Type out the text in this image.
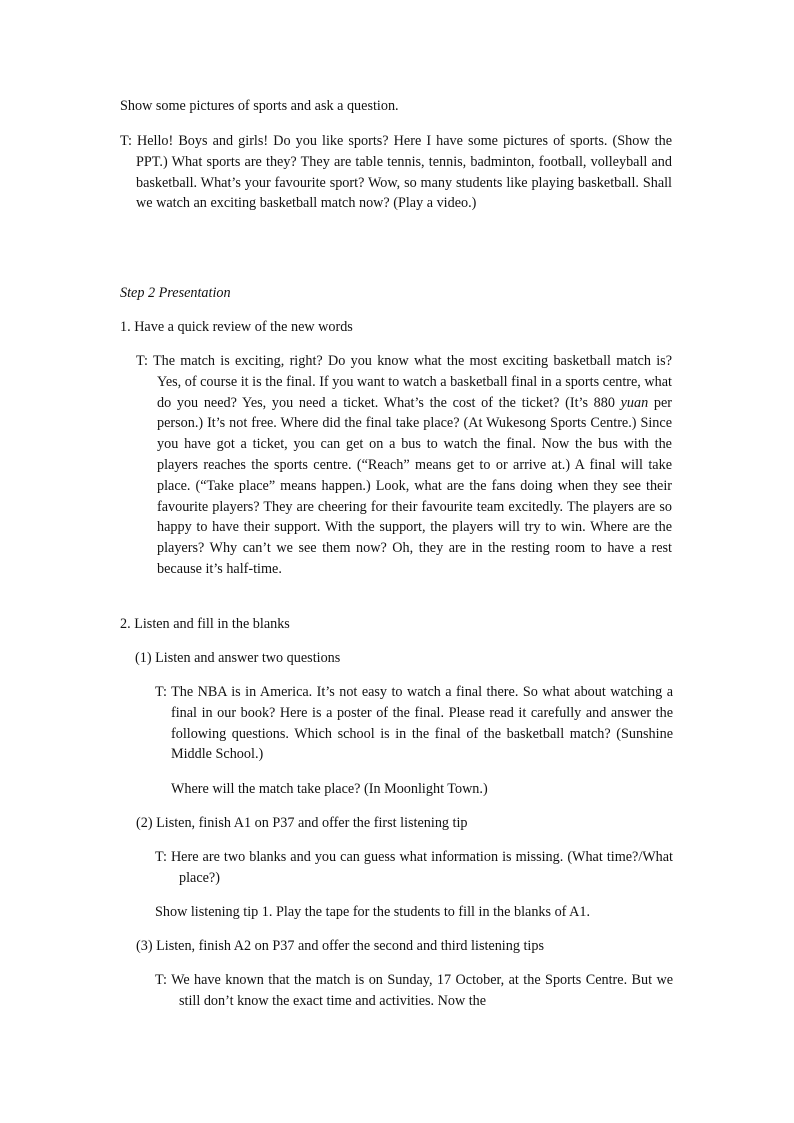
Show some pictures of sports and ask a question.

T: Hello! Boys and girls! Do you like sports? Here I have some pictures of sports. (Show the PPT.) What sports are they? They are table tennis, tennis, badminton, football, volleyball and basketball. What’s your favourite sport? Wow, so many students like playing basketball. Shall we watch an exciting basketball match now? (Play a video.)

Step 2 Presentation

1. Have a quick review of the new words

T: The match is exciting, right? Do you know what the most exciting basketball match is? Yes, of course it is the final. If you want to watch a basketball final in a sports centre, what do you need? Yes, you need a ticket. What’s the cost of the ticket? (It’s 880 yuan per person.) It’s not free. Where did the final take place? (At Wukesong Sports Centre.) Since you have got a ticket, you can get on a bus to watch the final. Now the bus with the players reaches the sports centre. (“Reach” means get to or arrive at.) A final will take place. (“Take place” means happen.) Look, what are the fans doing when they see their favourite players? They are cheering for their favourite team excitedly. The players are so happy to have their support. With the support, the players will try to win. Where are the players? Why can’t we see them now? Oh, they are in the resting room to have a rest because it’s half-time.

2. Listen and fill in the blanks

(1) Listen and answer two questions

T: The NBA is in America. It’s not easy to watch a final there. So what about watching a final in our book? Here is a poster of the final. Please read it carefully and answer the following questions. Which school is in the final of the basketball match? (Sunshine Middle School.)

Where will the match take place? (In Moonlight Town.)

(2) Listen, finish A1 on P37 and offer the first listening tip

T: Here are two blanks and you can guess what information is missing. (What time?/What place?)

Show listening tip 1. Play the tape for the students to fill in the blanks of A1.

(3) Listen, finish A2 on P37 and offer the second and third listening tips

T: We have known that the match is on Sunday, 17 October, at the Sports Centre. But we still don’t know the exact time and activities. Now the
